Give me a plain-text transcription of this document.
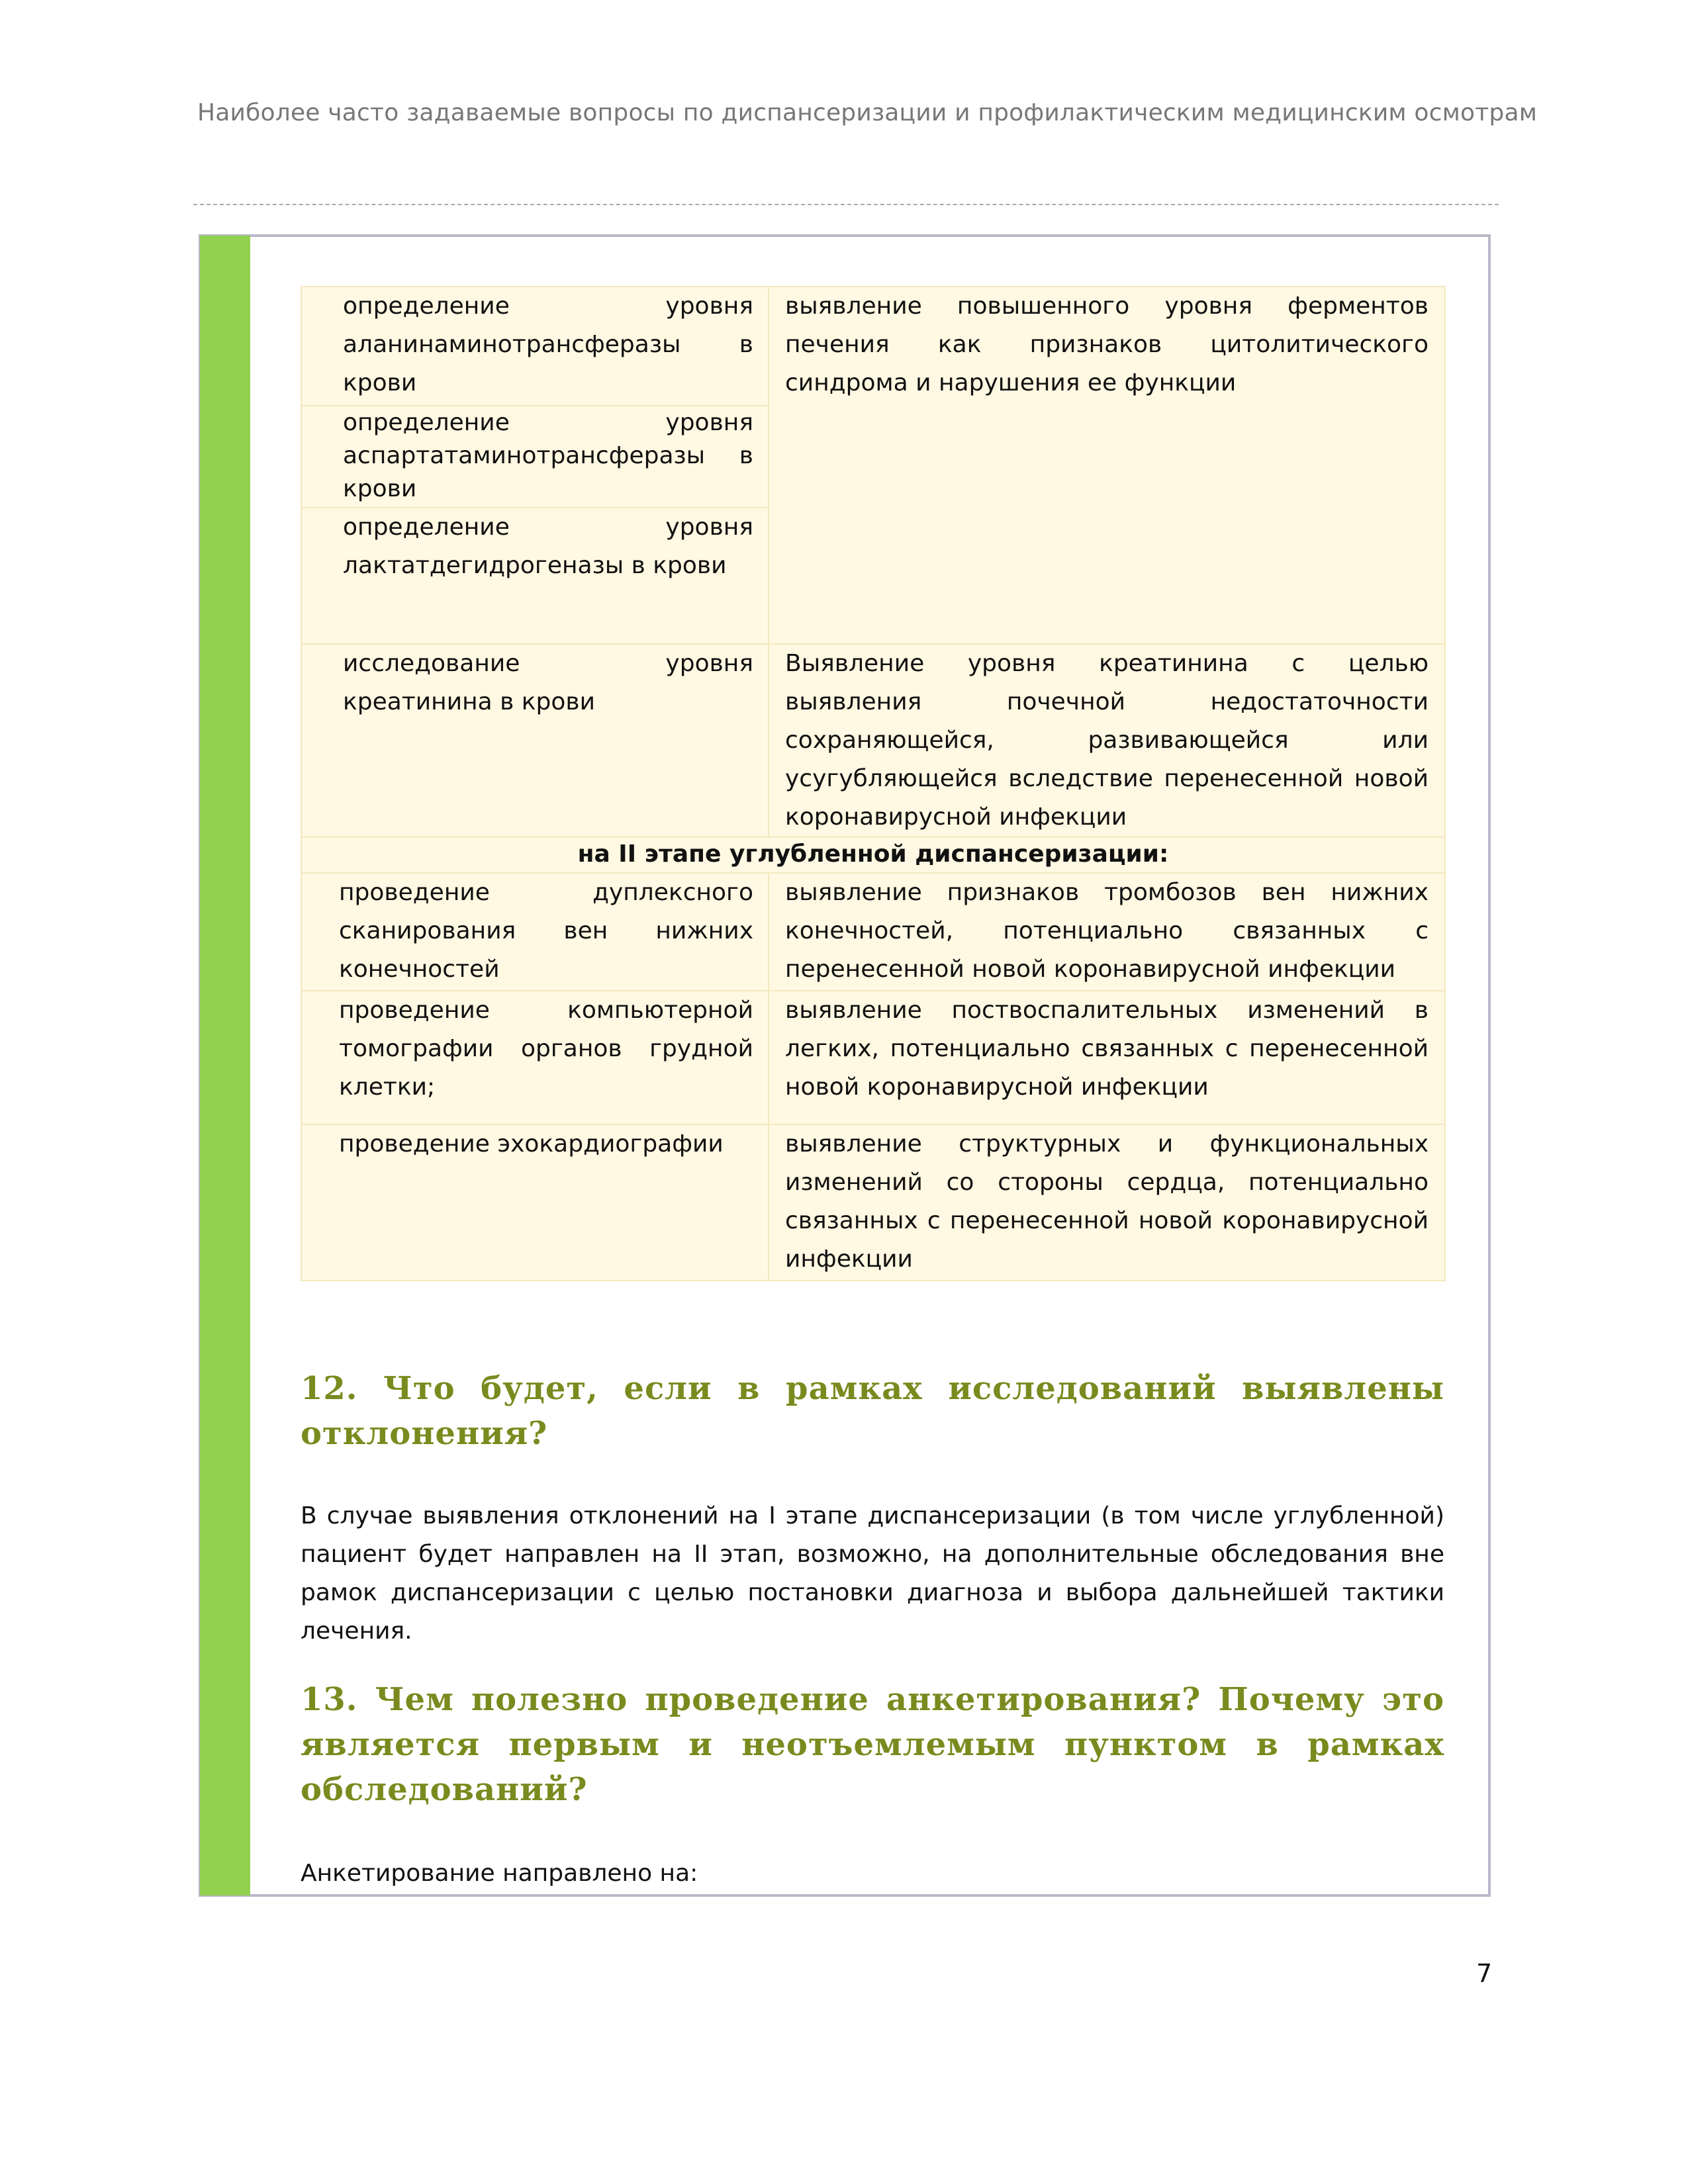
Наиболее часто задаваемые вопросы по диспансеризации и профилактическим медицинским осмотрам
определение уровня аланинаминотрансферазы в крови	выявление повышенного уровня ферментов печения как признаков цитолитического синдрома и нарушения ее функции
определение уровня аспартатаминотрансферазы в крови	
определение уровня лактатдегидрогеназы в крови	
исследование уровня креатинина в крови	Выявление уровня креатинина с целью выявления почечной недостаточности сохраняющейся, развивающейся или усугубляющейся вследствие перенесенной новой коронавирусной инфекции
на II этапе углубленной диспансеризации:	
проведение дуплексного сканирования вен нижних конечностей	выявление признаков тромбозов вен нижних конечностей, потенциально связанных с перенесенной новой коронавирусной инфекции
проведение компьютерной томографии органов грудной клетки;	выявление поствоспалительных изменений в легких, потенциально связанных с перенесенной новой коронавирусной инфекции
проведение эхокардиографии	выявление структурных и функциональных изменений со стороны сердца, потенциально связанных с перенесенной новой коронавирусной инфекции
12. Что будет, если в рамках исследований выявлены отклонения?

В случае выявления отклонений на I этапе диспансеризации (в том числе углубленной) пациент будет направлен на II этап, возможно, на дополнительные обследования вне рамок диспансеризации с целью постановки диагноза и выбора дальнейшей тактики лечения.

13. Чем полезно проведение анкетирования? Почему это является первым и неотъемлемым пунктом в рамках обследований?

Анкетирование направлено на:

7
